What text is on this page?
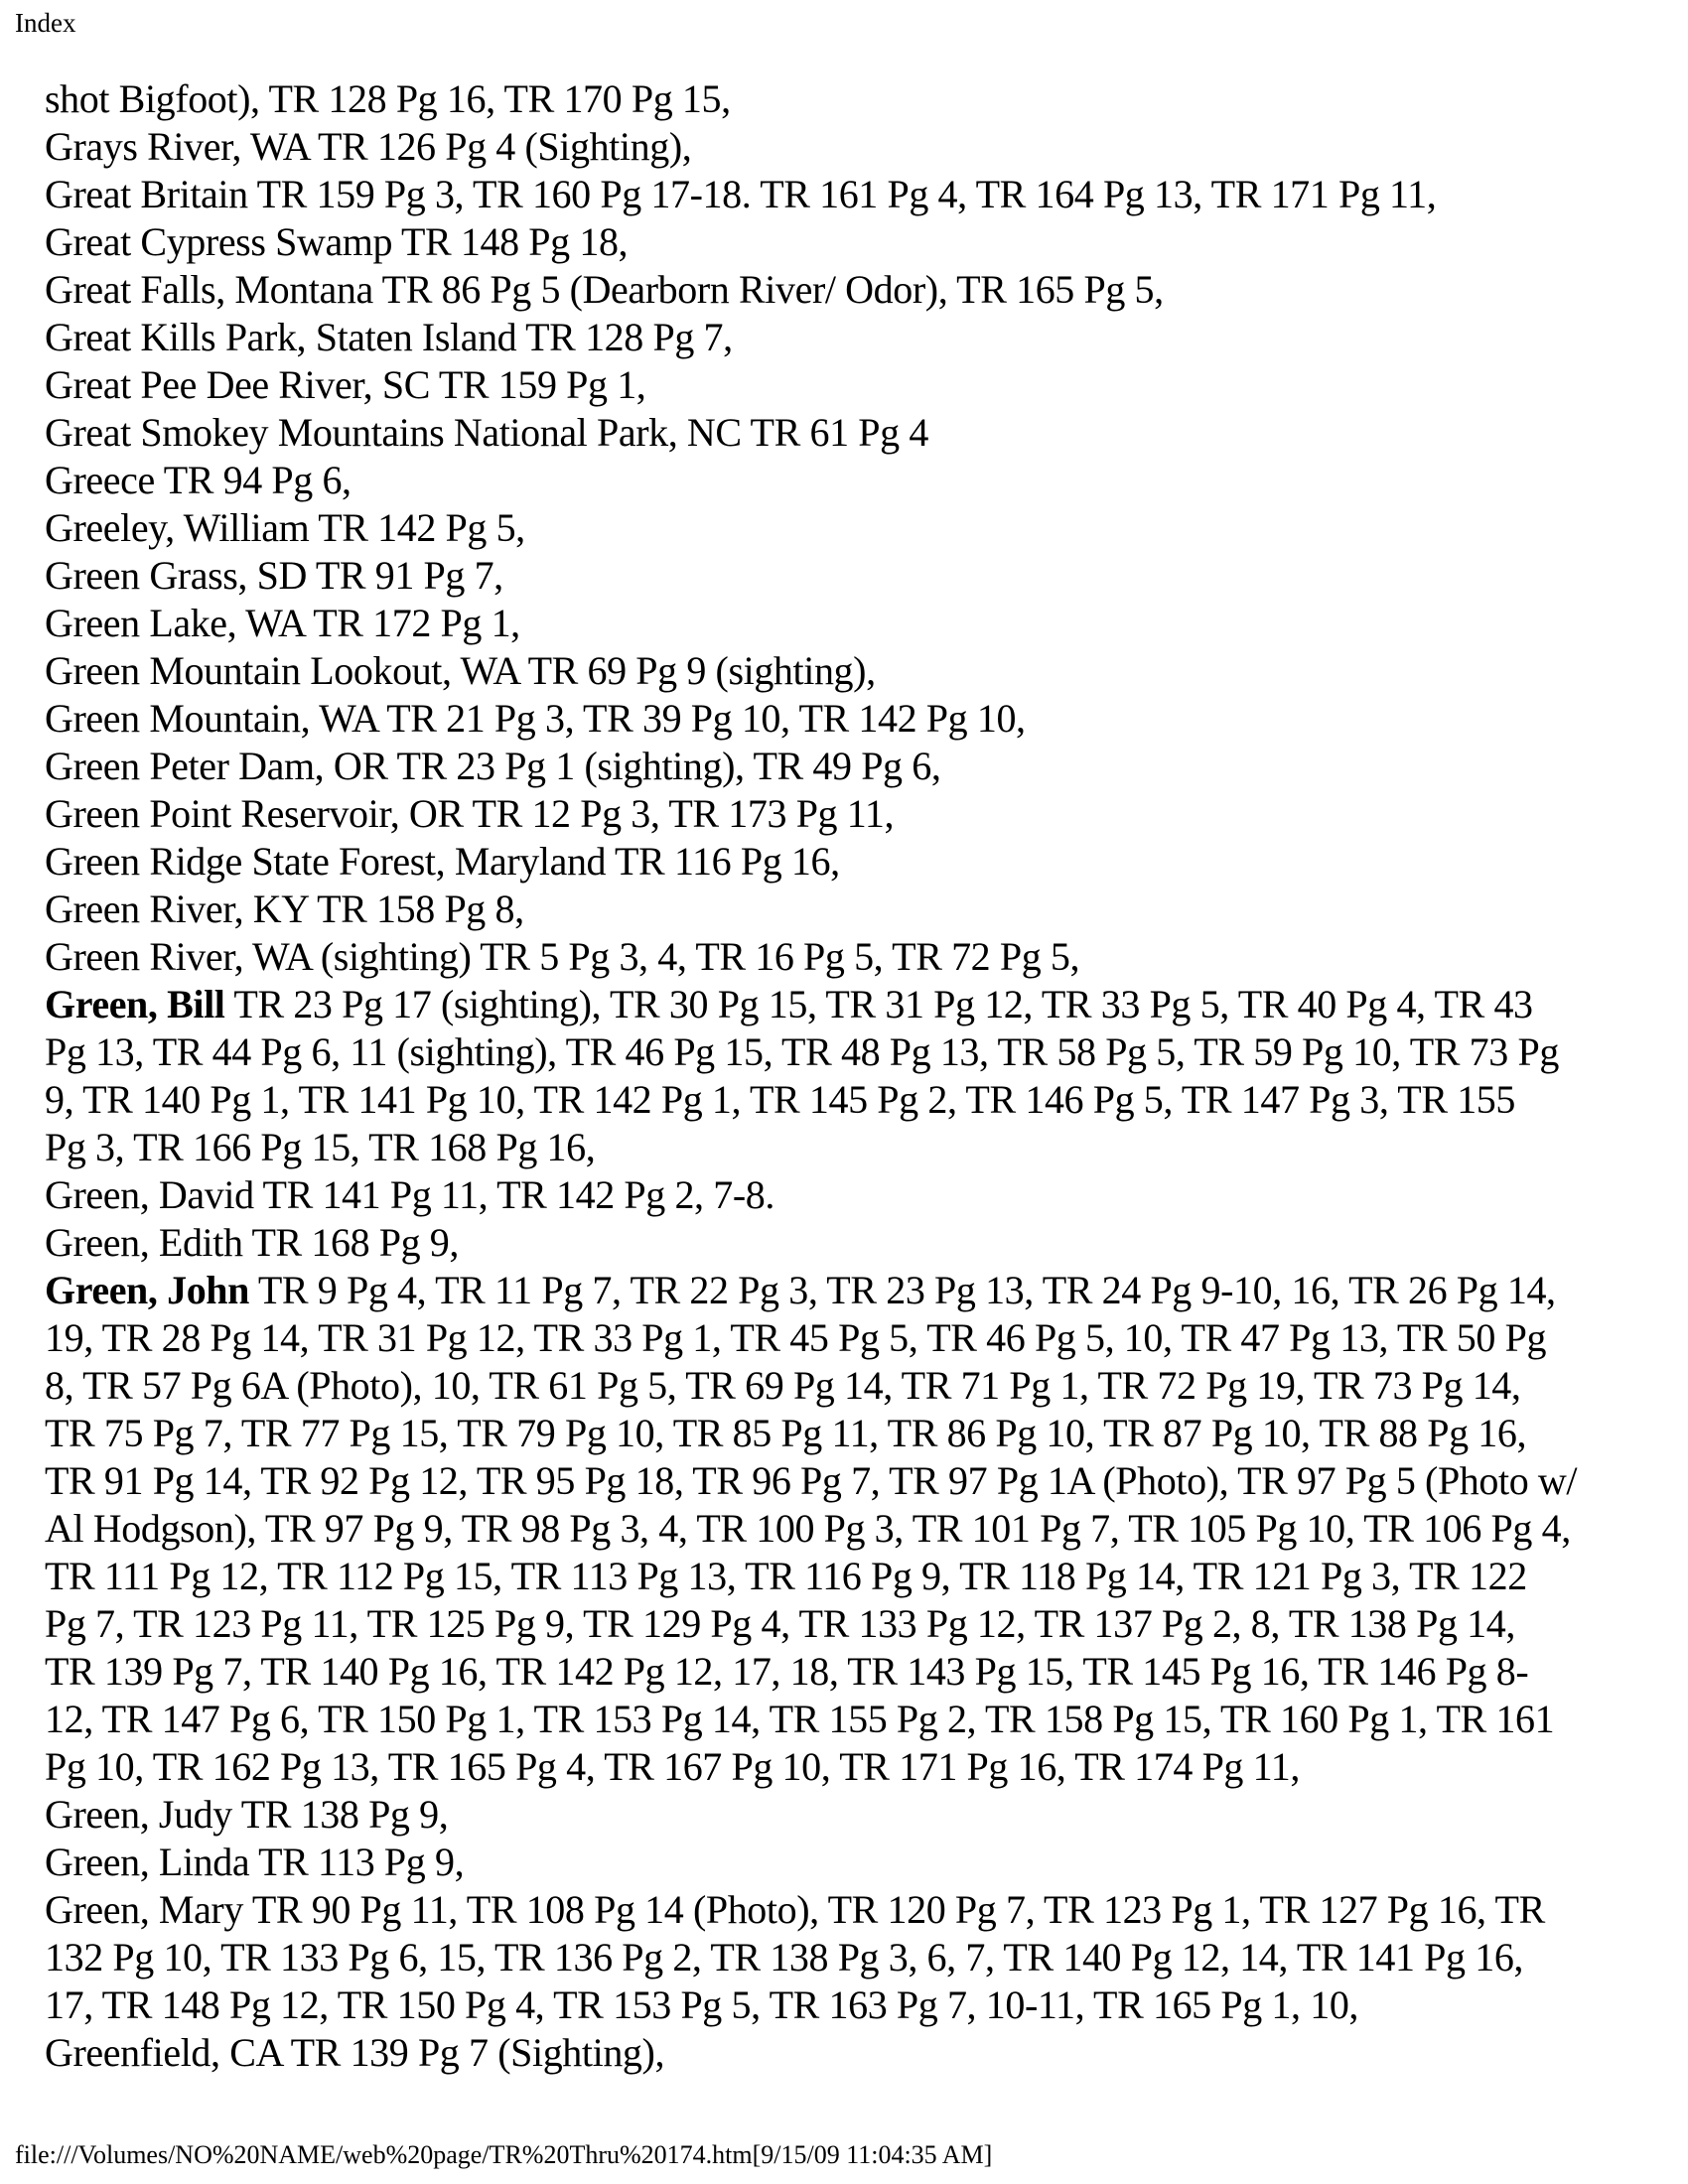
Index
shot Bigfoot), TR 128 Pg 16, TR 170 Pg 15,
Grays River, WA TR 126 Pg 4 (Sighting),
Great Britain TR 159 Pg 3, TR 160 Pg 17-18. TR 161 Pg 4, TR 164 Pg 13, TR 171 Pg 11,
Great Cypress Swamp TR 148 Pg 18,
Great Falls, Montana TR 86 Pg 5 (Dearborn River/ Odor), TR 165 Pg 5,
Great Kills Park, Staten Island TR 128 Pg 7,
Great Pee Dee River, SC TR 159 Pg 1,
Great Smokey Mountains National Park, NC TR 61 Pg 4
Greece TR 94 Pg 6,
Greeley, William TR 142 Pg 5,
Green Grass, SD TR 91 Pg 7,
Green Lake, WA TR 172 Pg 1,
Green Mountain Lookout, WA TR 69 Pg 9 (sighting),
Green Mountain, WA TR 21 Pg 3, TR 39 Pg 10, TR 142 Pg 10,
Green Peter Dam, OR TR 23 Pg 1 (sighting), TR 49 Pg 6,
Green Point Reservoir, OR TR 12 Pg 3, TR 173 Pg 11,
Green Ridge State Forest, Maryland TR 116 Pg 16,
Green River, KY TR 158 Pg 8,
Green River, WA (sighting) TR 5 Pg 3, 4, TR 16 Pg 5, TR 72 Pg 5,
Green, Bill TR 23 Pg 17 (sighting), TR 30 Pg 15, TR 31 Pg 12, TR 33 Pg 5, TR 40 Pg 4, TR 43
Pg 13, TR 44 Pg 6, 11 (sighting), TR 46 Pg 15, TR 48 Pg 13, TR 58 Pg 5, TR 59 Pg 10, TR 73 Pg
9, TR 140 Pg 1, TR 141 Pg 10, TR 142 Pg 1, TR 145 Pg 2, TR 146 Pg 5, TR 147 Pg 3, TR 155
Pg 3, TR 166 Pg 15, TR 168 Pg 16,
Green, David TR 141 Pg 11, TR 142 Pg 2, 7-8.
Green, Edith TR 168 Pg 9,
Green, John TR 9 Pg 4, TR 11 Pg 7, TR 22 Pg 3, TR 23 Pg 13, TR 24 Pg 9-10, 16, TR 26 Pg 14,
19, TR 28 Pg 14, TR 31 Pg 12, TR 33 Pg 1, TR 45 Pg 5, TR 46 Pg 5, 10, TR 47 Pg 13, TR 50 Pg
8, TR 57 Pg 6A (Photo), 10, TR 61 Pg 5, TR 69 Pg 14, TR 71 Pg 1, TR 72 Pg 19, TR 73 Pg 14,
TR 75 Pg 7, TR 77 Pg 15, TR 79 Pg 10, TR 85 Pg 11, TR 86 Pg 10, TR 87 Pg 10, TR 88 Pg 16,
TR 91 Pg 14, TR 92 Pg 12, TR 95 Pg 18, TR 96 Pg 7, TR 97 Pg 1A (Photo), TR 97 Pg 5 (Photo w/
Al Hodgson), TR 97 Pg 9, TR 98 Pg 3, 4, TR 100 Pg 3, TR 101 Pg 7, TR 105 Pg 10, TR 106 Pg 4,
TR 111 Pg 12, TR 112 Pg 15, TR 113 Pg 13, TR 116 Pg 9, TR 118 Pg 14, TR 121 Pg 3, TR 122
Pg 7, TR 123 Pg 11, TR 125 Pg 9, TR 129 Pg 4, TR 133 Pg 12, TR 137 Pg 2, 8, TR 138 Pg 14,
TR 139 Pg 7, TR 140 Pg 16, TR 142 Pg 12, 17, 18, TR 143 Pg 15, TR 145 Pg 16, TR 146 Pg 8-
12, TR 147 Pg 6, TR 150 Pg 1, TR 153 Pg 14, TR 155 Pg 2, TR 158 Pg 15, TR 160 Pg 1, TR 161
Pg 10, TR 162 Pg 13, TR 165 Pg 4, TR 167 Pg 10, TR 171 Pg 16, TR 174 Pg 11,
Green, Judy TR 138 Pg 9,
Green, Linda TR 113 Pg 9,
Green, Mary TR 90 Pg 11, TR 108 Pg 14 (Photo), TR 120 Pg 7, TR 123 Pg 1, TR 127 Pg 16, TR
132 Pg 10, TR 133 Pg 6, 15, TR 136 Pg 2, TR 138 Pg 3, 6, 7, TR 140 Pg 12, 14, TR 141 Pg 16,
17, TR 148 Pg 12, TR 150 Pg 4, TR 153 Pg 5, TR 163 Pg 7, 10-11, TR 165 Pg 1, 10,
Greenfield, CA TR 139 Pg 7 (Sighting),
file:///Volumes/NO%20NAME/web%20page/TR%20Thru%20174.htm[9/15/09 11:04:35 AM]
